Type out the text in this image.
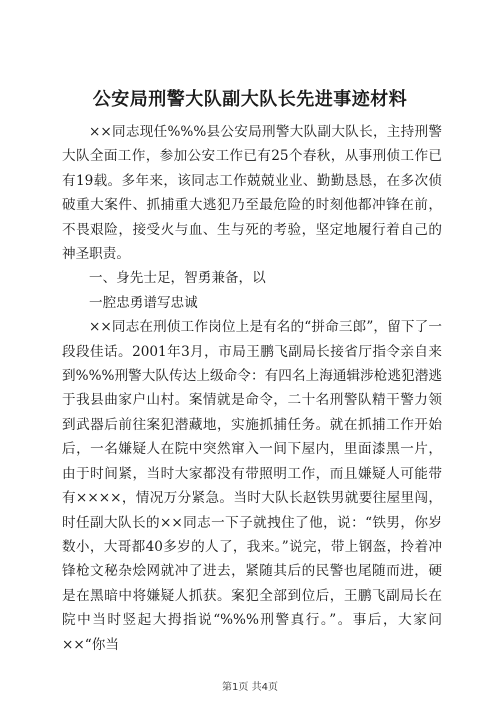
公安局刑警大队副大队长先进事迹材料

××同志现任%%%县公安局刑警大队副大队长，主持刑警大队全面工作，参加公安工作已有25个春秋，从事刑侦工作已有19载。多年来，该同志工作兢兢业业、勤勤恳恳，在多次侦破重大案件、抓捕重大逃犯乃至最危险的时刻他都冲锋在前，不畏艰险，接受火与血、生与死的考验，坚定地履行着自己的神圣职责。

一、身先士足，智勇兼备，以

一腔忠勇谱写忠诚

××同志在刑侦工作岗位上是有名的“拼命三郎”，留下了一段段佳话。2001年3月，市局王鹏飞副局长接省厅指令亲自来到%%%刑警大队传达上级命令：有四名上海通辑涉枪逃犯潜逃于我县曲家户山村。案情就是命令，二十名刑警队精干警力领到武器后前往案犯潜藏地，实施抓捕任务。就在抓捕工作开始后，一名嫌疑人在院中突然窜入一间下屋内，里面漆黑一片，由于时间紧，当时大家都没有带照明工作，而且嫌疑人可能带有××××，情况万分紧急。当时大队长赵铁男就要往屋里闯，时任副大队长的××同志一下子就拽住了他，说：“铁男，你岁数小，大哥都40多岁的人了，我来。”说完，带上钢盔，拎着冲锋枪文秘杂烩网就冲了进去，紧随其后的民警也尾随而进，硬是在黑暗中将嫌疑人抓获。案犯全部到位后，王鹏飞副局长在院中当时竖起大拇指说“%%%刑警真行。”。事后，大家问××“你当

第1页 共4页
